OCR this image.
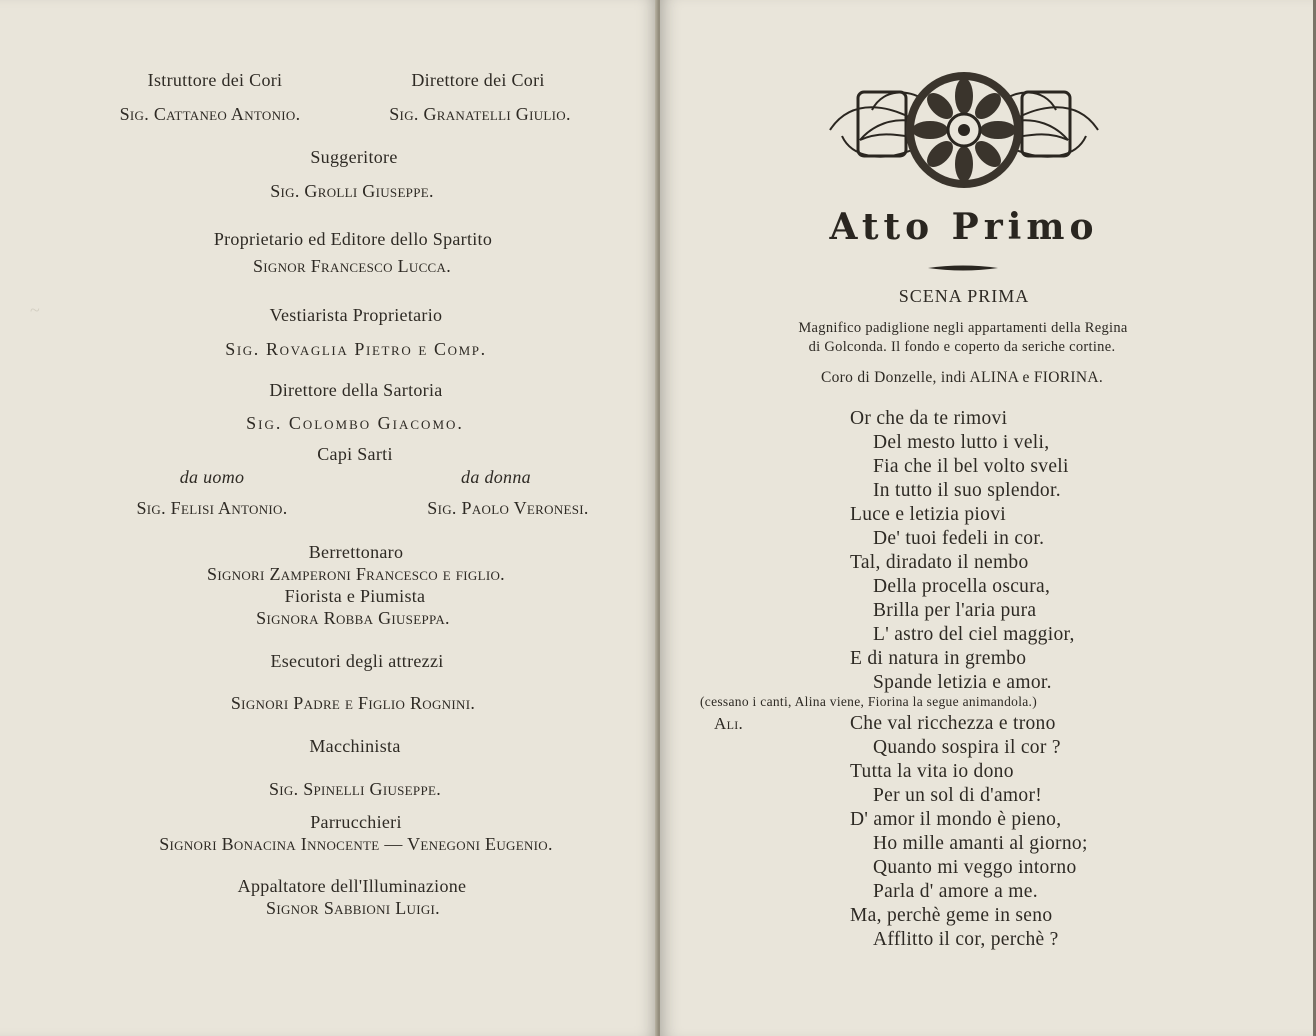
~
Istruttore dei Cori	Direttore dei Cori
Sig. Cattaneo Antonio.	Sig. Granatelli Giulio.
Suggeritore
Sig. Grolli Giuseppe.
Proprietario ed Editore dello Spartito
Signor Francesco Lucca.
Vestiarista Proprietario
Sig. Rovaglia Pietro e Comp.
Direttore della Sartoria
Sig. Colombo Giacomo.
Capi Sarti
da uomo	da donna
Sig. Felisi Antonio.	Sig. Paolo Veronesi.
Berrettonaro
Signori Zamperoni Francesco e figlio.
Fiorista e Piumista
Signora Robba Giuseppa.
Esecutori degli attrezzi
Signori Padre e Figlio Rognini.
Macchinista
Sig. Spinelli Giuseppe.
Parrucchieri
Signori Bonacina Innocente — Venegoni Eugenio.
Appaltatore dell'Illuminazione
Signor Sabbioni Luigi.
Atto Primo
SCENA PRIMA
Magnifico padiglione negli appartamenti della Regina
di Golconda. Il fondo e coperto da seriche cortine.
Coro di Donzelle, indi ALINA e FIORINA.
Or che da te rimovi
Del mesto lutto i veli,
Fia che il bel volto sveli
In tutto il suo splendor.
Luce e letizia piovi
De' tuoi fedeli in cor.
Tal, diradato il nembo
Della procella oscura,
Brilla per l'aria pura
L' astro del ciel maggior,
E di natura in grembo
Spande letizia e amor.
(cessano i canti, Alina viene, Fiorina la segue animandola.)
Ali.	Che val ricchezza e trono
Quando sospira il cor ?
Tutta la vita io dono
Per un sol di d'amor!
D' amor il mondo è pieno,
Ho mille amanti al giorno;
Quanto mi veggo intorno
Parla d' amore a me.
Ma, perchè geme in seno
Afflitto il cor, perchè ?
